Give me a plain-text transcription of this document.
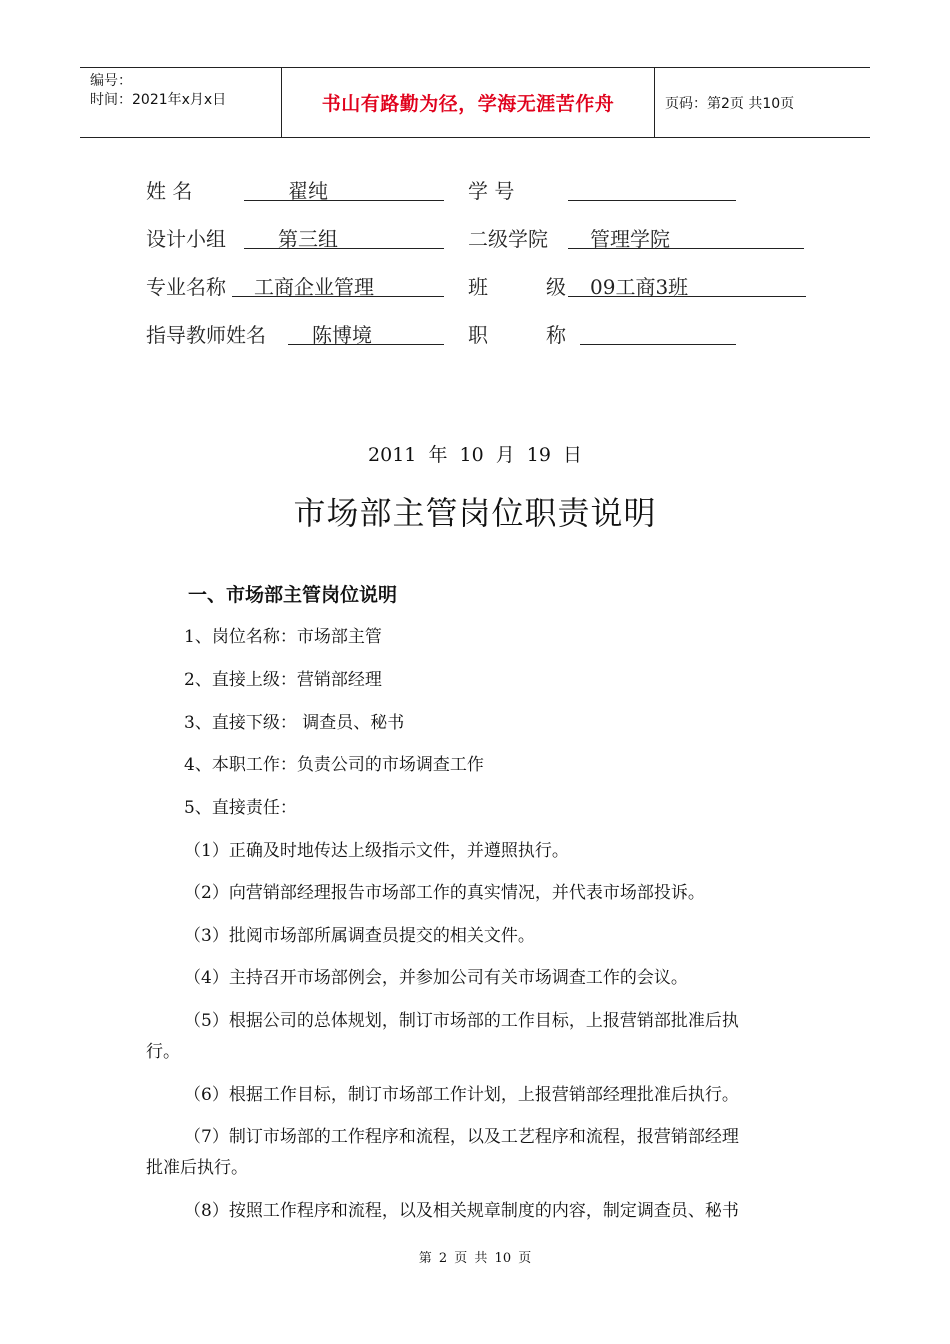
编号：
时间：2021年x月x日	书山有路勤为径，学海无涯苦作舟	页码：第2页 共10页
姓 名	翟纯	学 号
设计小组	第三组	二级学院 管理学院
专业名称 工商企业管理	班	级 09工商3班
指导教师姓名 陈博境	职	称
2011 年 10 月 19 日
市场部主管岗位职责说明
一、市场部主管岗位说明
1、岗位名称：市场部主管
2、直接上级：营销部经理
3、直接下级： 调查员、秘书
4、本职工作：负责公司的市场调查工作
5、直接责任：
（1）正确及时地传达上级指示文件，并遵照执行。
（2）向营销部经理报告市场部工作的真实情况，并代表市场部投诉。
（3）批阅市场部所属调查员提交的相关文件。
（4）主持召开市场部例会，并参加公司有关市场调查工作的会议。
（5）根据公司的总体规划，制订市场部的工作目标，上报营销部批准后执
行。
（6）根据工作目标，制订市场部工作计划，上报营销部经理批准后执行。
（7）制订市场部的工作程序和流程，以及工艺程序和流程，报营销部经理
批准后执行。
（8）按照工作程序和流程，以及相关规章制度的内容，制定调查员、秘书
第 2 页 共 10 页
